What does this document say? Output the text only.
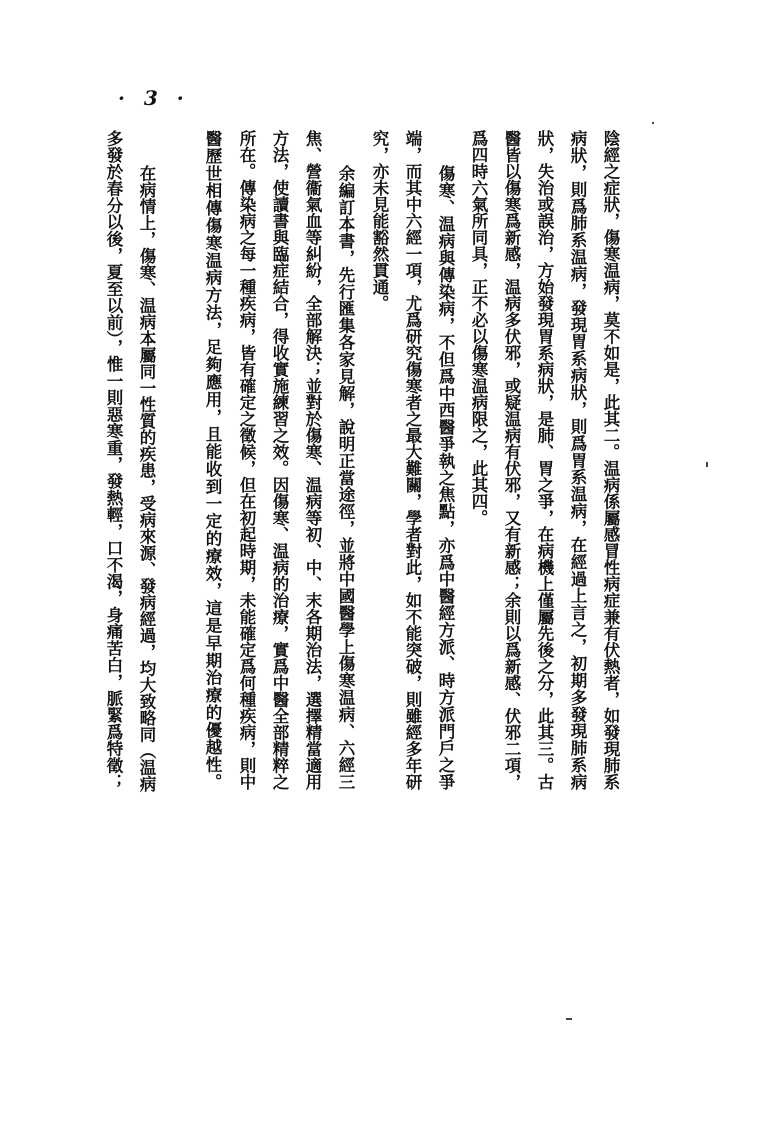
· 3 ·
陰經之症狀，傷寒温病，莫不如是，此其二。温病係屬感冒性病症兼有伏熱者，如發現肺系
病狀，則爲肺系温病，發現胃系病狀，則爲胃系温病，在經過上言之，初期多發現肺系病
狀，失治或誤治，方始發現胃系病狀，是肺、胃之爭，在病機上僅屬先後之分，此其三。古
醫皆以傷寒爲新感，温病多伏邪，或疑温病有伏邪，又有新感；余則以爲新感、伏邪二項，
爲四時六氣所同具，正不必以傷寒温病限之，此其四。
傷寒、温病與傳染病，不但爲中西醫爭執之焦點，亦爲中醫經方派、時方派門戶之爭
端，而其中六經一項，尤爲研究傷寒者之最大難關，學者對此，如不能突破，則雖經多年研
究，亦未見能豁然貫通。
余編訂本書，先行匯集各家見解，說明正當途徑，並將中國醫學上傷寒温病、六經三
焦、營衞氣血等糾紛，全部解決；並對於傷寒、温病等初、中、末各期治法，選擇精當適用
方法，使讀書與臨症結合，得收實施練習之效。因傷寒、温病的治療，實爲中醫全部精粹之
所在。傳染病之每一種疾病，皆有確定之徵候，但在初起時期，未能確定爲何種疾病，則中
醫歷世相傳傷寒温病方法，足夠應用，且能收到一定的療效，這是早期治療的優越性。
在病情上，傷寒、温病本屬同一性質的疾患，受病來源、發病經過，均大致略同（温病
多發於春分以後，夏至以前），惟一則惡寒重，發熱輕，口不渴，身痛苦白，脈緊爲特徵；
